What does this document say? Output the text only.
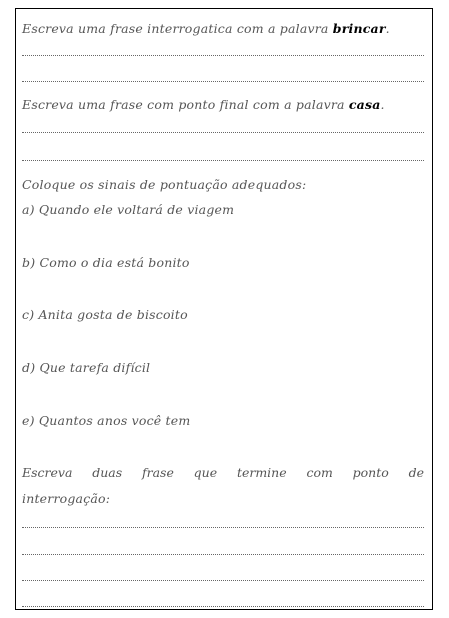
Escreva uma frase interrogatica com a palavra brincar.
Escreva uma frase com ponto final com a palavra casa.
Coloque os sinais de pontuação adequados:
a) Quando ele voltará de viagem
b) Como o dia está bonito
c) Anita gosta de biscoito
d) Que tarefa difícil
e) Quantos anos você tem
Escreva duas frase que termine com ponto de
interrogação:
